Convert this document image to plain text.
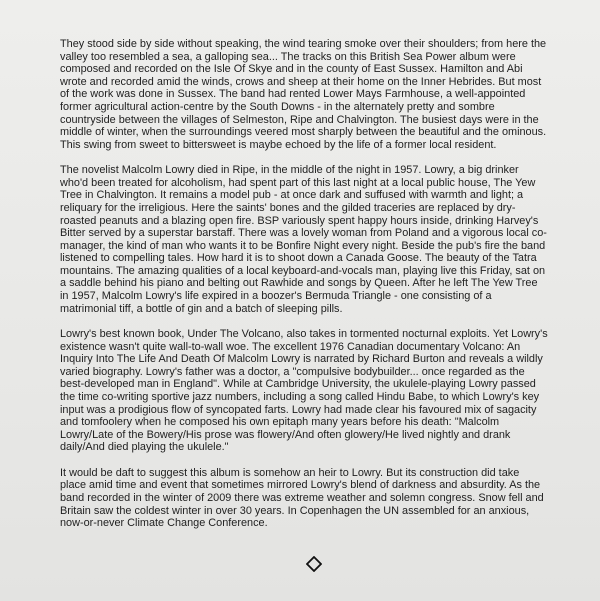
They stood side by side without speaking, the wind tearing smoke over their shoulders; from here the valley too resembled a sea, a galloping sea... The tracks on this British Sea Power album were composed and recorded on the Isle Of Skye and in the county of East Sussex. Hamilton and Abi wrote and recorded amid the winds, crows and sheep at their home on the Inner Hebrides. But most of the work was done in Sussex. The band had rented Lower Mays Farmhouse, a well-appointed former agricultural action-centre by the South Downs - in the alternately pretty and sombre countryside between the villages of Selmeston, Ripe and Chalvington. The busiest days were in the middle of winter, when the surroundings veered most sharply between the beautiful and the ominous. This swing from sweet to bittersweet is maybe echoed by the life of a former local resident.

The novelist Malcolm Lowry died in Ripe, in the middle of the night in 1957. Lowry, a big drinker who'd been treated for alcoholism, had spent part of this last night at a local public house, The Yew Tree in Chalvington. It remains a model pub - at once dark and suffused with warmth and light; a reliquary for the irreligious. Here the saints' bones and the gilded traceries are replaced by dry-roasted peanuts and a blazing open fire. BSP variously spent happy hours inside, drinking Harvey's Bitter served by a superstar barstaff. There was a lovely woman from Poland and a vigorous local co-manager, the kind of man who wants it to be Bonfire Night every night. Beside the pub's fire the band listened to compelling tales. How hard it is to shoot down a Canada Goose. The beauty of the Tatra mountains. The amazing qualities of a local keyboard-and-vocals man, playing live this Friday, sat on a saddle behind his piano and belting out Rawhide and songs by Queen. After he left The Yew Tree in 1957, Malcolm Lowry's life expired in a boozer's Bermuda Triangle - one consisting of a matrimonial tiff, a bottle of gin and a batch of sleeping pills.

Lowry's best known book, Under The Volcano, also takes in tormented nocturnal exploits. Yet Lowry's existence wasn't quite wall-to-wall woe. The excellent 1976 Canadian documentary Volcano: An Inquiry Into The Life And Death Of Malcolm Lowry is narrated by Richard Burton and reveals a wildly varied biography. Lowry's father was a doctor, a "compulsive bodybuilder... once regarded as the best-developed man in England". While at Cambridge University, the ukulele-playing Lowry passed the time co-writing sportive jazz numbers, including a song called Hindu Babe, to which Lowry's key input was a prodigious flow of syncopated farts. Lowry had made clear his favoured mix of sagacity and tomfoolery when he composed his own epitaph many years before his death: "Malcolm Lowry/Late of the Bowery/His prose was flowery/And often glowery/He lived nightly and drank daily/And died playing the ukulele."

It would be daft to suggest this album is somehow an heir to Lowry. But its construction did take place amid time and event that sometimes mirrored Lowry's blend of darkness and absurdity. As the band recorded in the winter of 2009 there was extreme weather and solemn congress. Snow fell and Britain saw the coldest winter in over 30 years. In Copenhagen the UN assembled for an anxious, now-or-never Climate Change Conference.
